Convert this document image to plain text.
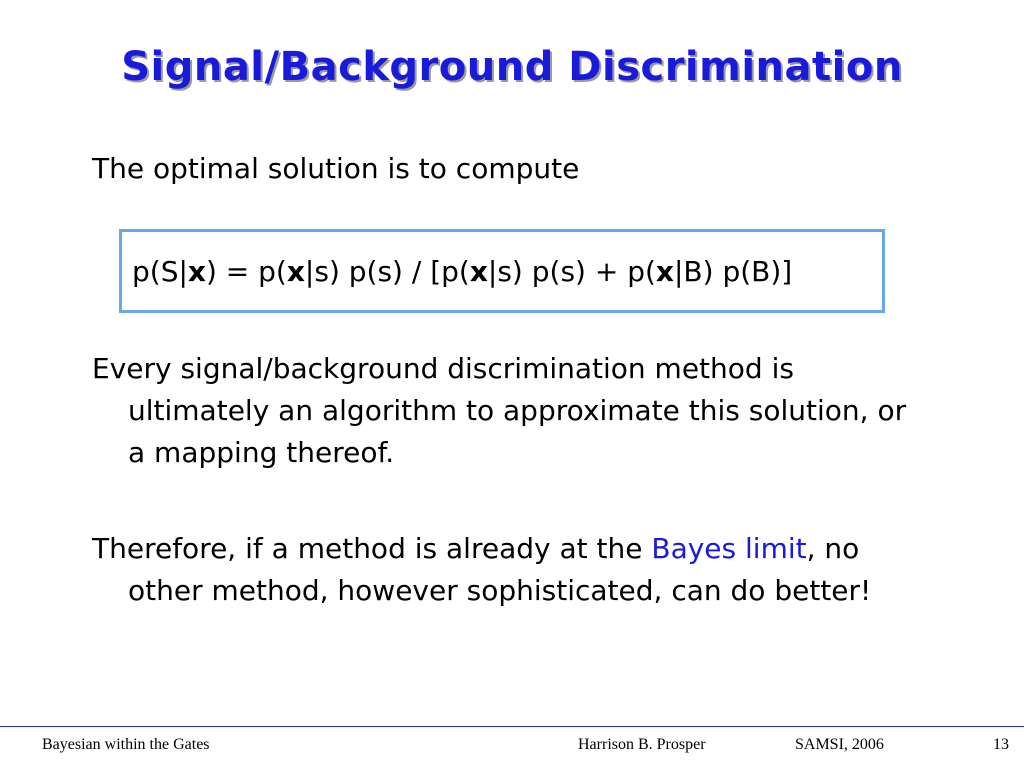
Signal/Background Discrimination
The optimal solution is to compute
p(S|x) = p(x|s) p(s) / [p(x|s) p(s) + p(x|B) p(B)]
Every signal/background discrimination method is ultimately an algorithm to approximate this solution, or a mapping thereof.
Therefore, if a method is already at the Bayes limit, no other method, however sophisticated, can do better!
Bayesian within the Gates	Harrison B. Prosper	SAMSI, 2006	13
